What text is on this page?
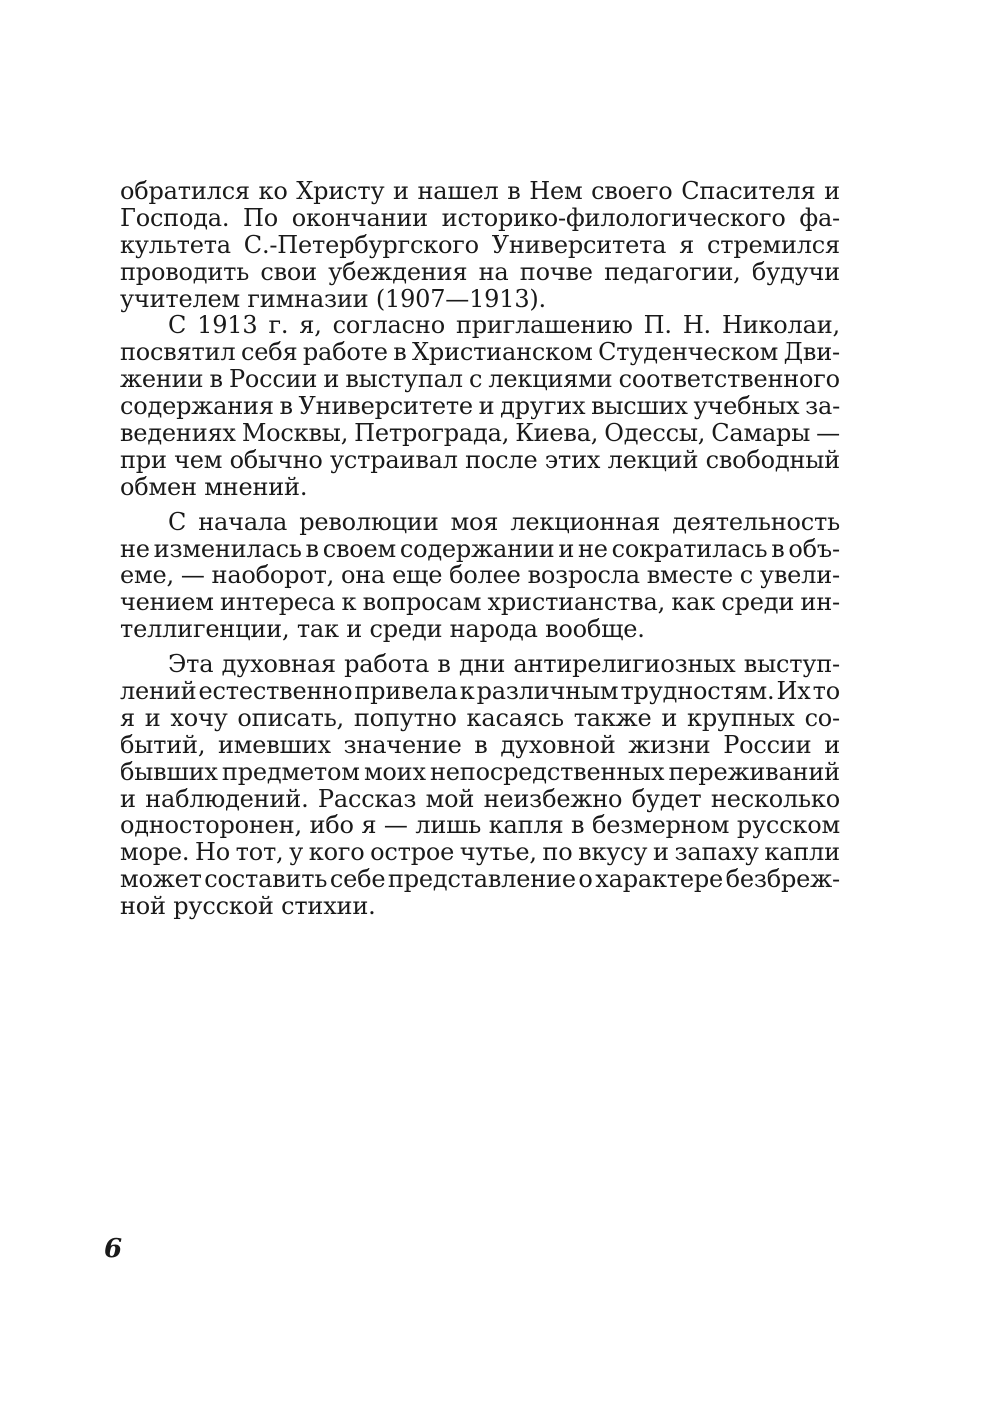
обратился ко Христу и нашел в Нем своего Спасителя и
Господа. По окончании историко-филологического фа-
культета С.-Петербургского Университета я стремился
проводить свои убеждения на почве педагогии, будучи
учителем гимназии (1907—1913).
С 1913 г. я, согласно приглашению П. Н. Николаи,
посвятил себя работе в Христианском Студенческом Дви-
жении в России и выступал с лекциями соответственного
содержания в Университете и других высших учебных за-
ведениях Москвы, Петрограда, Киева, Одессы, Самары —
при чем обычно устраивал после этих лекций свободный
обмен мнений.
С начала революции моя лекционная деятельность
не изменилась в своем содержании и не сократилась в объ-
еме, — наоборот, она еще более возросла вместе с увели-
чением интереса к вопросам христианства, как среди ин-
теллигенции, так и среди народа вообще.
Эта духовная работа в дни антирелигиозных выступ-
лений естественно привела к различным трудностям. Их то
я и хочу описать, попутно касаясь также и крупных со-
бытий, имевших значение в духовной жизни России и
бывших предметом моих непосредственных переживаний
и наблюдений. Рассказ мой неизбежно будет несколько
односторонен, ибо я — лишь капля в безмерном русском
море. Но тот, у кого острое чутье, по вкусу и запаху капли
может составить себе представление о характере безбреж-
ной русской стихии.
6
